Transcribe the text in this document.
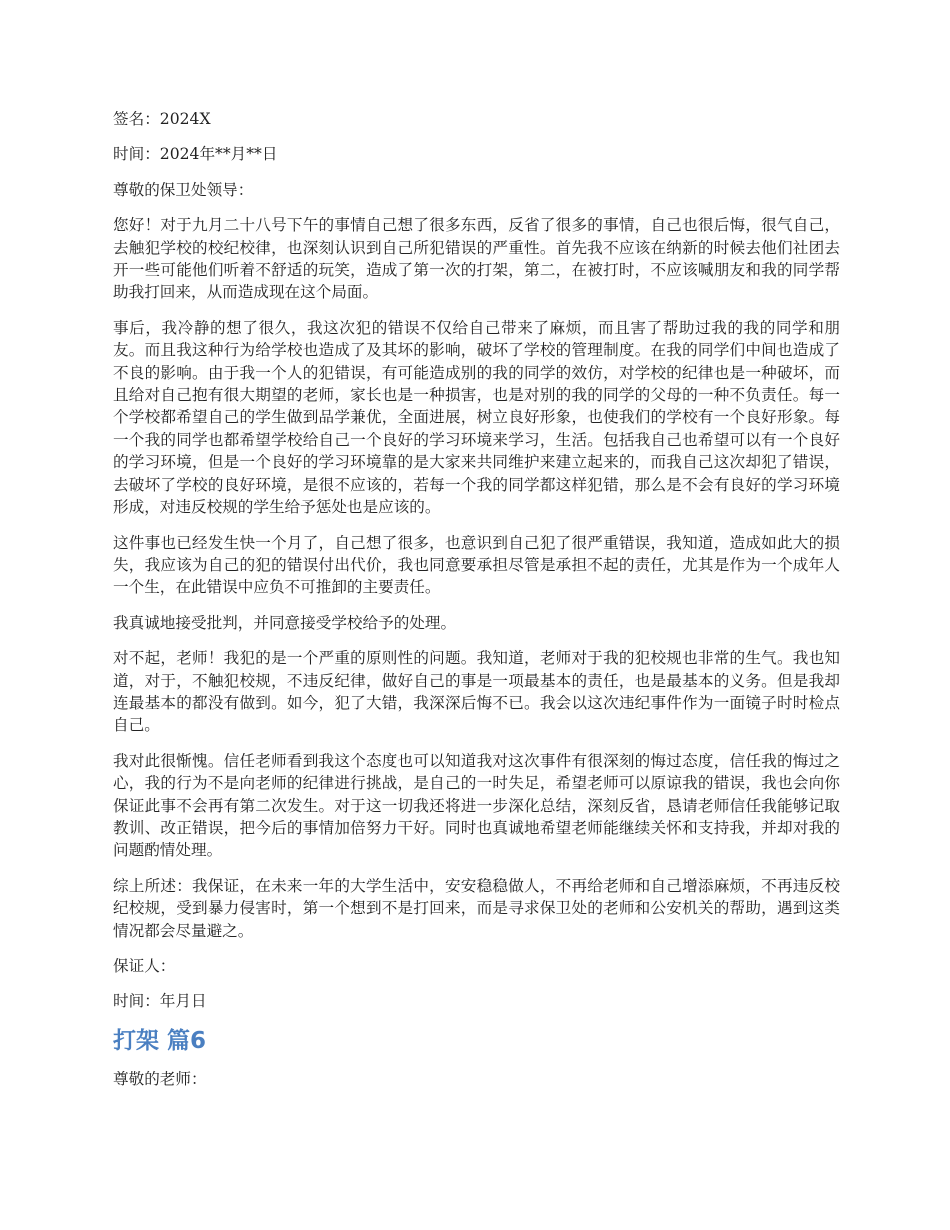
签名：2024X
时间：2024年**月**日
尊敬的保卫处领导：

您好！对于九月二十八号下午的事情自己想了很多东西，反省了很多的事情，自己也很后悔，很气自己，去触犯学校的校纪校律，也深刻认识到自己所犯错误的严重性。首先我不应该在纳新的时候去他们社团去开一些可能他们听着不舒适的玩笑，造成了第一次的打架，第二，在被打时，不应该喊朋友和我的同学帮助我打回来，从而造成现在这个局面。

事后，我冷静的想了很久，我这次犯的错误不仅给自己带来了麻烦，而且害了帮助过我的我的同学和朋友。而且我这种行为给学校也造成了及其坏的影响，破坏了学校的管理制度。在我的同学们中间也造成了不良的影响。由于我一个人的犯错误，有可能造成别的我的同学的效仿，对学校的纪律也是一种破坏，而且给对自己抱有很大期望的老师，家长也是一种损害，也是对别的我的同学的父母的一种不负责任。每一个学校都希望自己的学生做到品学兼优，全面进展，树立良好形象，也使我们的学校有一个良好形象。每一个我的同学也都希望学校给自己一个良好的学习环境来学习，生活。包括我自己也希望可以有一个良好的学习环境，但是一个良好的学习环境靠的是大家来共同维护来建立起来的，而我自己这次却犯了错误，去破坏了学校的良好环境，是很不应该的，若每一个我的同学都这样犯错，那么是不会有良好的学习环境形成，对违反校规的学生给予惩处也是应该的。

这件事也已经发生快一个月了，自己想了很多，也意识到自己犯了很严重错误，我知道，造成如此大的损失，我应该为自己的犯的错误付出代价，我也同意要承担尽管是承担不起的责任，尤其是作为一个成年人一个生，在此错误中应负不可推卸的主要责任。

我真诚地接受批判，并同意接受学校给予的处理。

对不起，老师！我犯的是一个严重的原则性的问题。我知道，老师对于我的犯校规也非常的生气。我也知道，对于，不触犯校规，不违反纪律，做好自己的事是一项最基本的责任，也是最基本的义务。但是我却连最基本的都没有做到。如今，犯了大错，我深深后悔不已。我会以这次违纪事件作为一面镜子时时检点自己。

我对此很惭愧。信任老师看到我这个态度也可以知道我对这次事件有很深刻的悔过态度，信任我的悔过之心，我的行为不是向老师的纪律进行挑战，是自己的一时失足，希望老师可以原谅我的错误，我也会向你保证此事不会再有第二次发生。对于这一切我还将进一步深化总结，深刻反省，恳请老师信任我能够记取教训、改正错误，把今后的事情加倍努力干好。同时也真诚地希望老师能继续关怀和支持我，并却对我的问题酌情处理。

综上所述：我保证，在未来一年的大学生活中，安安稳稳做人，不再给老师和自己增添麻烦，不再违反校纪校规，受到暴力侵害时，第一个想到不是打回来，而是寻求保卫处的老师和公安机关的帮助，遇到这类情况都会尽量避之。

保证人：
时间：年月日
打架 篇6
尊敬的老师：
